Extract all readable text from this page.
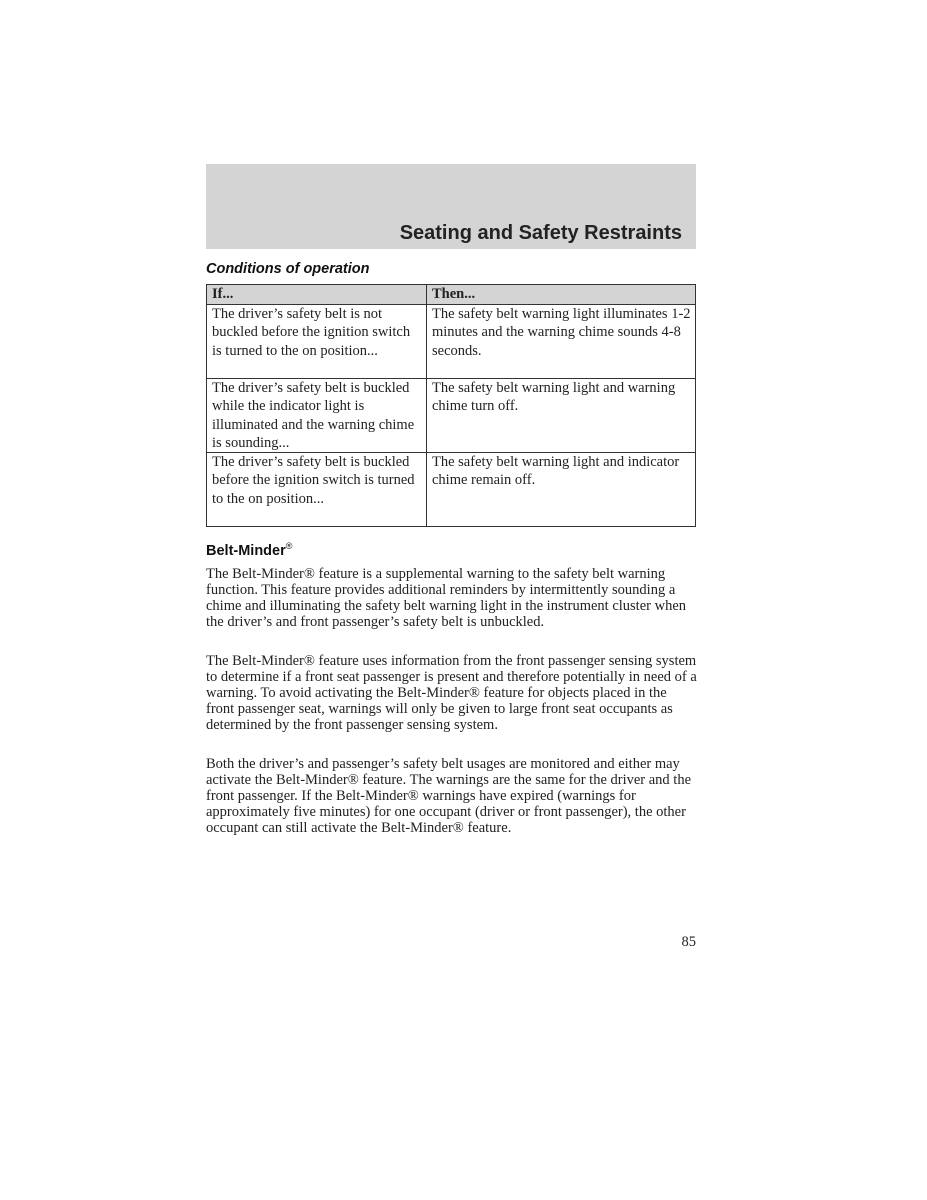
Seating and Safety Restraints
Conditions of operation
If...	Then...
The driver’s safety belt is not buckled before the ignition switch is turned to the on position...	The safety belt warning light illuminates 1-2 minutes and the warning chime sounds 4-8 seconds.
The driver’s safety belt is buckled while the indicator light is illuminated and the warning chime is sounding...	The safety belt warning light and warning chime turn off.
The driver’s safety belt is buckled before the ignition switch is turned to the on position...	The safety belt warning light and indicator chime remain off.
Belt-Minder®

The Belt-Minder® feature is a supplemental warning to the safety belt warning function. This feature provides additional reminders by intermittently sounding a chime and illuminating the safety belt warning light in the instrument cluster when the driver’s and front passenger’s safety belt is unbuckled.

The Belt-Minder® feature uses information from the front passenger sensing system to determine if a front seat passenger is present and therefore potentially in need of a warning. To avoid activating the Belt-Minder® feature for objects placed in the front passenger seat, warnings will only be given to large front seat occupants as determined by the front passenger sensing system.

Both the driver’s and passenger’s safety belt usages are monitored and either may activate the Belt-Minder® feature. The warnings are the same for the driver and the front passenger. If the Belt-Minder® warnings have expired (warnings for approximately five minutes) for one occupant (driver or front passenger), the other occupant can still activate the Belt-Minder® feature.

85
